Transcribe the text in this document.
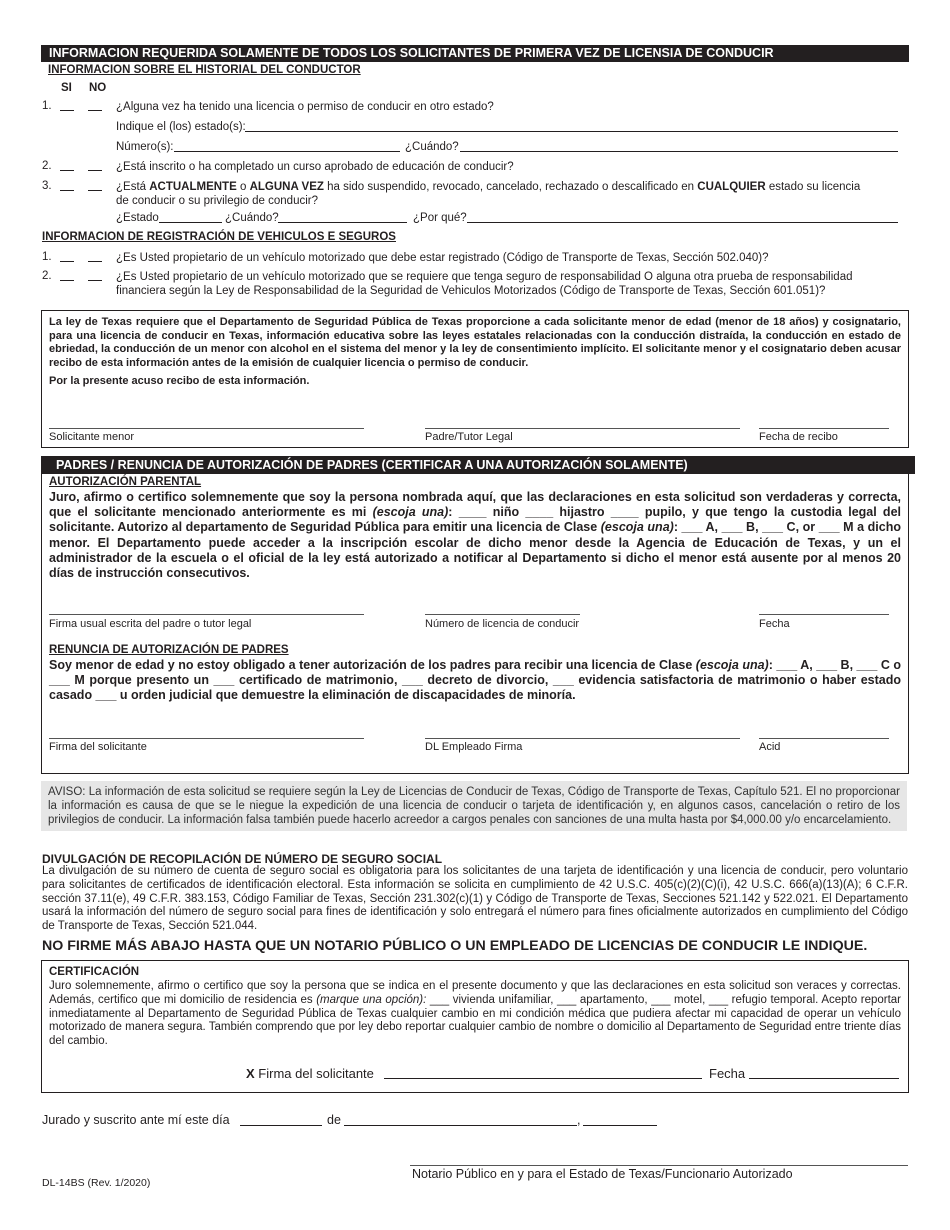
INFORMACION REQUERIDA SOLAMENTE DE TODOS LOS SOLICITANTES DE PRIMERA VEZ DE LICENSIA DE CONDUCIR
INFORMACION SOBRE EL HISTORIAL DEL CONDUCTOR
SI NO
1.	¿Alguna vez ha tenido una licencia o permiso de conducir en otro estado?
Indique el (los) estado(s):
Número(s):	¿Cuándo?
2.	¿Está inscrito o ha completado un curso aprobado de educación de conducir?
3.	¿Está ACTUALMENTE o ALGUNA VEZ ha sido suspendido, revocado, cancelado, rechazado o descalificado en CUALQUIER estado su licencia de conducir o su privilegio de conducir?
¿Estado	¿Cuándo?	¿Por qué?
INFORMACION DE REGISTRACIÓN DE VEHICULOS E SEGUROS
1.	¿Es Usted propietario de un vehículo motorizado que debe estar registrado (Código de Transporte de Texas, Sección 502.040)?
2.	¿Es Usted propietario de un vehículo motorizado que se requiere que tenga seguro de responsabilidad O alguna otra prueba de responsabilidad financiera según la Ley de Responsabilidad de la Seguridad de Vehiculos Motorizados (Código de Transporte de Texas, Sección 601.051)?
La ley de Texas requiere que el Departamento de Seguridad Pública de Texas proporcione a cada solicitante menor de edad (menor de 18 años) y cosignatario, para una licencia de conducir en Texas, información educativa sobre las leyes estatales relacionadas con la conducción distraída, la conducción en estado de ebriedad, la conducción de un menor con alcohol en el sistema del menor y la ley de consentimiento implícito. El solicitante menor y el cosignatario deben acusar recibo de esta información antes de la emisión de cualquier licencia o permiso de conducir.
Por la presente acuso recibo de esta información.
Solicitante menor	Padre/Tutor Legal	Fecha de recibo
PADRES / RENUNCIA DE AUTORIZACIÓN DE PADRES (CERTIFICAR A UNA AUTORIZACIÓN SOLAMENTE)
AUTORIZACIÓN PARENTAL
Juro, afirmo o certifico solemnemente que soy la persona nombrada aquí, que las declaraciones en esta solicitud son verdaderas y correcta, que el solicitante mencionado anteriormente es mi (escoja una): ____ niño ____ hijastro ____ pupilo, y que tengo la custodia legal del solicitante. Autorizo al departamento de Seguridad Pública para emitir una licencia de Clase (escoja una): ___ A, ___ B, ___ C, or ___ M a dicho menor. El Departamento puede acceder a la inscripción escolar de dicho menor desde la Agencia de Educación de Texas, y un el administrador de la escuela o el oficial de la ley está autorizado a notificar al Departamento si dicho el menor está ausente por al menos 20 días de instrucción consecutivos.
Firma usual escrita del padre o tutor legal	Número de licencia de conducir	Fecha
RENUNCIA DE AUTORIZACIÓN DE PADRES
Soy menor de edad y no estoy obligado a tener autorización de los padres para recibir una licencia de Clase (escoja una): ___ A, ___ B, ___ C o ___ M porque presento un ___ certificado de matrimonio, ___ decreto de divorcio, ___ evidencia satisfactoria de matrimonio o haber estado casado ___ u orden judicial que demuestre la eliminación de discapacidades de minoría.
Firma del solicitante	DL Empleado Firma	Acid
AVISO: La información de esta solicitud se requiere según la Ley de Licencias de Conducir de Texas, Código de Transporte de Texas, Capítulo 521. El no proporcionar la información es causa de que se le niegue la expedición de una licencia de conducir o tarjeta de identificación y, en algunos casos, cancelación o retiro de los privilegios de conducir. La información falsa también puede hacerlo acreedor a cargos penales con sanciones de una multa hasta por $4,000.00 y/o encarcelamiento.
DIVULGACIÓN DE RECOPILACIÓN DE NÚMERO DE SEGURO SOCIAL
La divulgación de su número de cuenta de seguro social es obligatoria para los solicitantes de una tarjeta de identificación y una licencia de conducir, pero voluntario para solicitantes de certificados de identificación electoral. Esta información se solicita en cumplimiento de 42 U.S.C. 405(c)(2)(C)(i), 42 U.S.C. 666(a)(13)(A); 6 C.F.R. sección 37.11(e), 49 C.F.R. 383.153, Código Familiar de Texas, Sección 231.302(c)(1) y Código de Transporte de Texas, Secciones 521.142 y 522.021. El Departamento usará la información del número de seguro social para fines de identificación y solo entregará el número para fines oficialmente autorizados en cumplimiento del Código de Transporte de Texas, Sección 521.044.
NO FIRME MÁS ABAJO HASTA QUE UN NOTARIO PÚBLICO O UN EMPLEADO DE LICENCIAS DE CONDUCIR LE INDIQUE.
CERTIFICACIÓN
Juro solemnemente, afirmo o certifico que soy la persona que se indica en el presente documento y que las declaraciones en esta solicitud son veraces y correctas. Además, certifico que mi domicilio de residencia es (marque una opción): ___ vivienda unifamiliar, ___ apartamento, ___ motel, ___ refugio temporal. Acepto reportar inmediatamente al Departamento de Seguridad Pública de Texas cualquier cambio en mi condición médica que pudiera afectar mi capacidad de operar un vehículo motorizado de manera segura. También comprendo que por ley debo reportar cualquier cambio de nombre o domicilio al Departamento de Seguridad entre triente días del cambio.
X Firma del solicitante	Fecha
Jurado y suscrito ante mí este día	de	,
Notario Público en y para el Estado de Texas/Funcionario Autorizado
DL-14BS (Rev. 1/2020)
